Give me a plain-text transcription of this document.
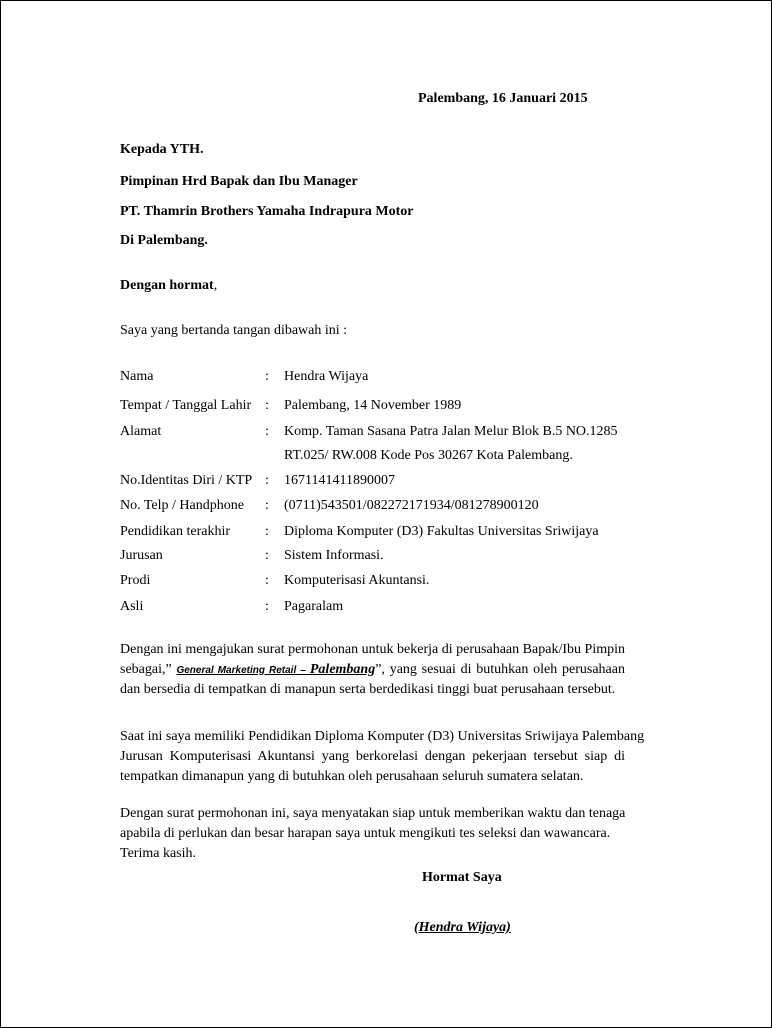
Palembang, 16 Januari 2015
Kepada YTH.
Pimpinan Hrd Bapak dan Ibu Manager
PT. Thamrin Brothers Yamaha Indrapura Motor
Di Palembang.
Dengan hormat,
Saya yang bertanda tangan dibawah ini :
Nama	: Hendra Wijaya
Tempat / Tanggal Lahir : Palembang, 14 November 1989
Alamat	: Komp. Taman Sasana Patra Jalan Melur Blok B.5 NO.1285
RT.025/ RW.008 Kode Pos 30267 Kota Palembang.
No.Identitas Diri / KTP : 1671141411890007
No. Telp / Handphone : (0711)543501/082272171934/081278900120
Pendidikan terakhir : Diploma Komputer (D3) Fakultas Universitas Sriwijaya
Jurusan	: Sistem Informasi.
Prodi	: Komputerisasi Akuntansi.
Asli	: Pagaralam
Dengan ini mengajukan surat permohonan untuk bekerja di perusahaan Bapak/Ibu Pimpin
sebagai,” General Marketing Retail – Palembang”, yang sesuai di butuhkan oleh perusahaan
dan bersedia di tempatkan di manapun serta berdedikasi tinggi buat perusahaan tersebut.
Saat ini saya memiliki Pendidikan Diploma Komputer (D3) Universitas Sriwijaya Palembang
Jurusan Komputerisasi Akuntansi yang berkorelasi dengan pekerjaan tersebut siap di
tempatkan dimanapun yang di butuhkan oleh perusahaan seluruh sumatera selatan.
Dengan surat permohonan ini, saya menyatakan siap untuk memberikan waktu dan tenaga
apabila di perlukan dan besar harapan saya untuk mengikuti tes seleksi dan wawancara.
Terima kasih.
Hormat Saya
(Hendra Wijaya)
